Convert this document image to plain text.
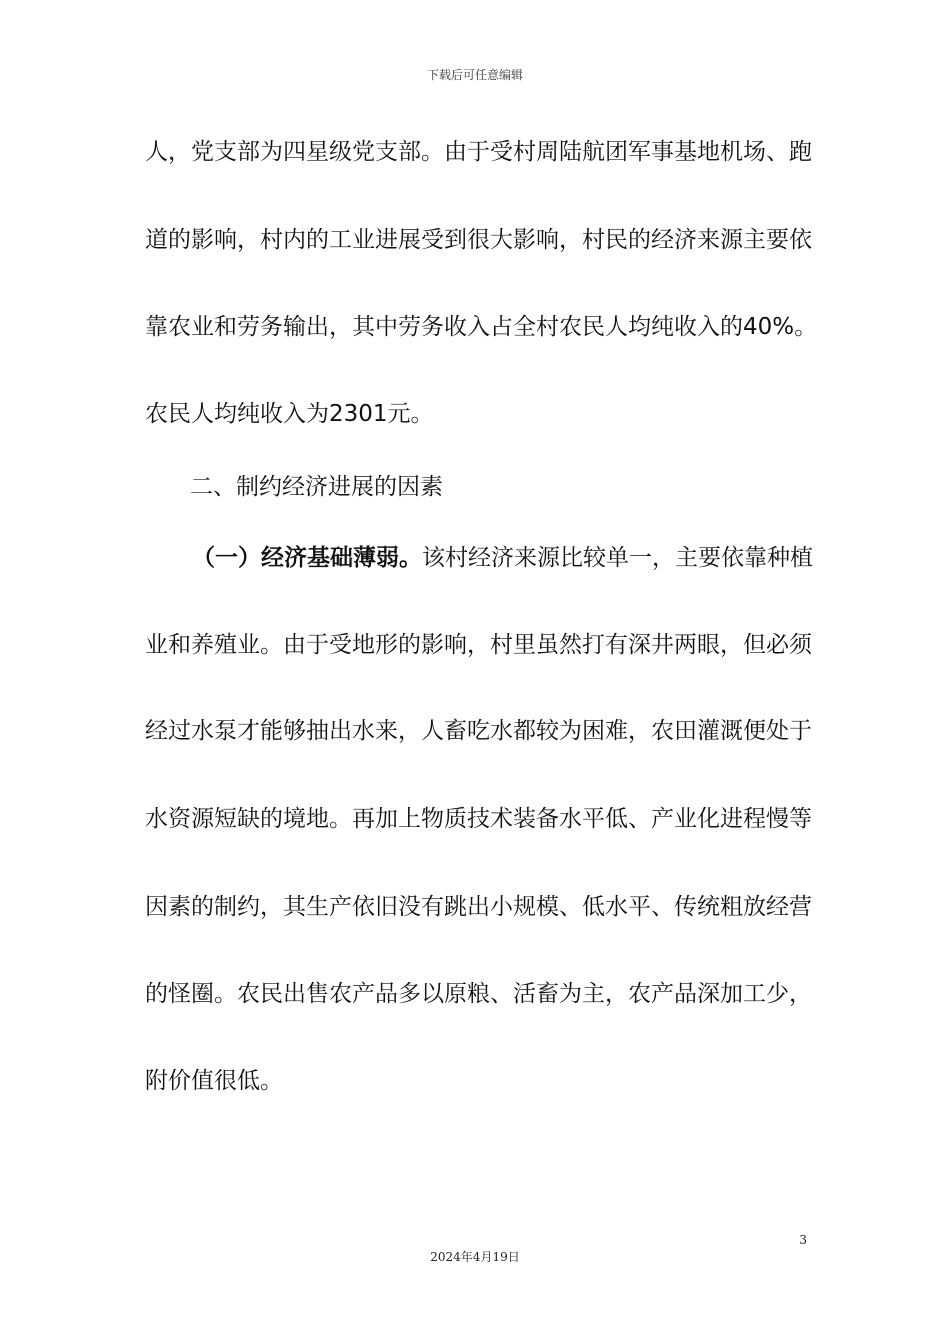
下载后可任意编辑
人，党支部为四星级党支部。由于受村周陆航团军事基地机场、跑
道的影响，村内的工业进展受到很大影响，村民的经济来源主要依
靠农业和劳务输出，其中劳务收入占全村农民人均纯收入的40%。
农民人均纯收入为2301元。
二、制约经济进展的因素
（一）经济基础薄弱。该村经济来源比较单一，主要依靠种植
业和养殖业。由于受地形的影响，村里虽然打有深井两眼，但必须
经过水泵才能够抽出水来，人畜吃水都较为困难，农田灌溉便处于
水资源短缺的境地。再加上物质技术装备水平低、产业化进程慢等
因素的制约，其生产依旧没有跳出小规模、低水平、传统粗放经营
的怪圈。农民出售农产品多以原粮、活畜为主，农产品深加工少，
附价值很低。
3
2024年4月19日
